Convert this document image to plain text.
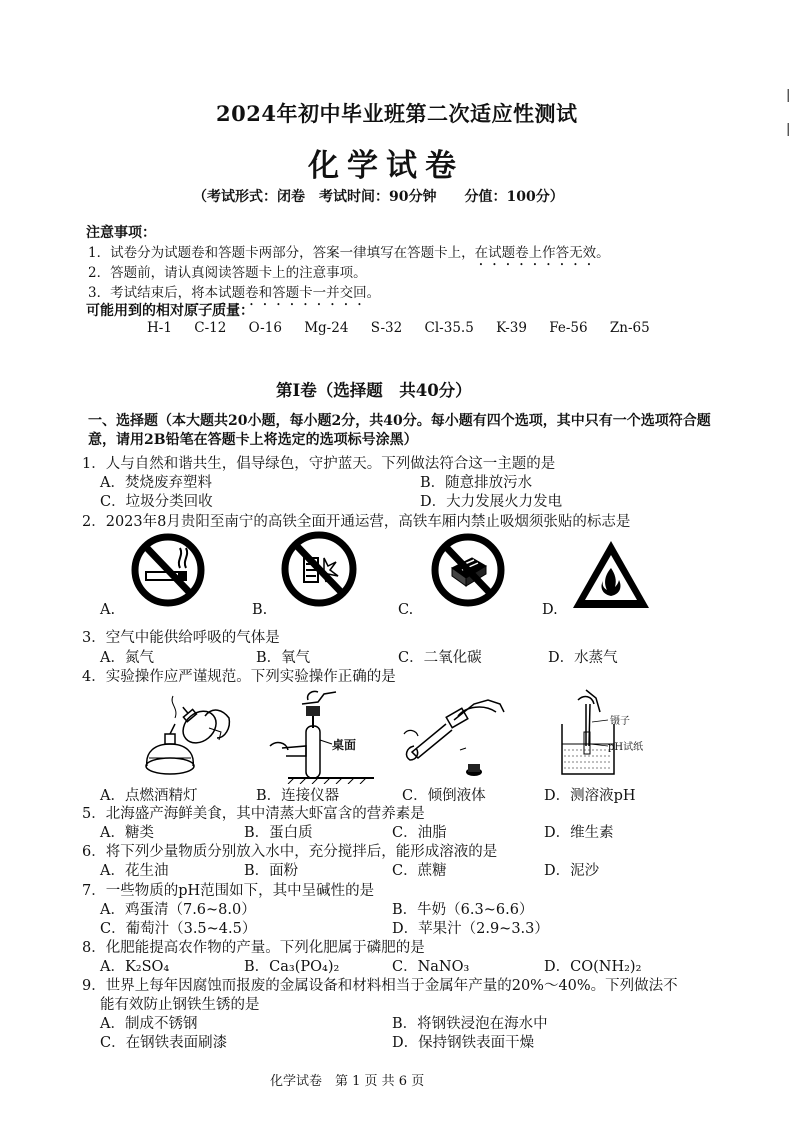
2024年初中毕业班第二次适应性测试
化学试卷
（考试形式：闭卷　考试时间：90分钟　　分值：100分）
|
|
注意事项：
1．试卷分为试题卷和答题卡两部分，答案一律填写在答题卡上，在试题卷上作答无效。
2．答题前，请认真阅读答题卡上的注意事项。
3．考试结束后，将本试题卷和答题卡一并交回。
可能用到的相对原子质量：
H-1 C-12 O-16 Mg-24 S-32 Cl-35.5 K-39 Fe-56 Zn-65
第Ⅰ卷（选择题　共40分）
一、选择题（本大题共20小题，每小题2分，共40分。每小题有四个选项，其中只有一个选项符合题意，请用2B铅笔在答题卡上将选定的选项标号涂黑）
1．人与自然和谐共生，倡导绿色，守护蓝天。下列做法符合这一主题的是
A．焚烧废弃塑料	B．随意排放污水
C．垃圾分类回收	D．大力发展火力发电
2．2023年8月贵阳至南宁的高铁全面开通运营，高铁车厢内禁止吸烟须张贴的标志是
A.	B.	C.	D.
3．空气中能供给呼吸的气体是
A．氮气	B．氧气	C．二氧化碳	D．水蒸气
4．实验操作应严谨规范。下列实验操作正确的是
A．点燃酒精灯
桌面
B．连接仪器	C．倾倒液体
镊子
pH试纸
D．测溶液pH
5．北海盛产海鲜美食，其中清蒸大虾富含的营养素是
A．糖类	B．蛋白质	C．油脂	D．维生素
6．将下列少量物质分别放入水中，充分搅拌后，能形成溶液的是
A．花生油	B．面粉	C．蔗糖	D．泥沙
7．一些物质的pH范围如下，其中呈碱性的是
A．鸡蛋清（7.6~8.0）	B．牛奶（6.3~6.6）
C．葡萄汁（3.5~4.5）	D．苹果汁（2.9~3.3）
8．化肥能提高农作物的产量。下列化肥属于磷肥的是
A．K₂SO₄	B．Ca₃(PO₄)₂	C．NaNO₃	D．CO(NH₂)₂
9．世界上每年因腐蚀而报废的金属设备和材料相当于金属年产量的20%～40%。下列做法不
能有效防止钢铁生锈的是
A．制成不锈钢	B．将钢铁浸泡在海水中
C．在钢铁表面刷漆	D．保持钢铁表面干燥
化学试卷　第 1 页 共 6 页
